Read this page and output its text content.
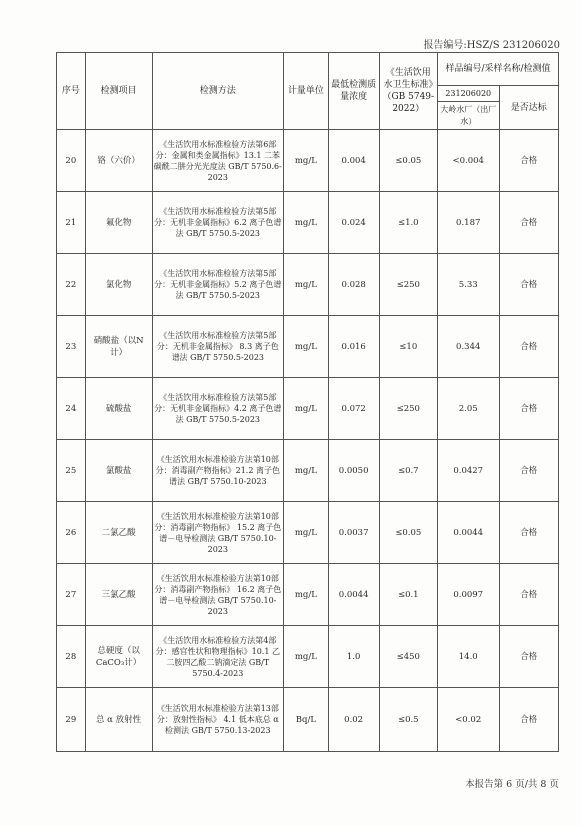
报告编号:HSZ/S 231206020
序号	检测项目	检测方法	计量单位	最低检测质量浓度	《生活饮用水卫生标准》（GB 5749-2022）	样品编号/采样名称/检测值	
						231206020	是否达标
						大岭水厂（出厂水）	
20	铬（六价）	《生活饮用水标准检验方法第6部分：金属和类金属指标》13.1 二苯碳酰二肼分光光度法 GB/T 5750.6-2023	mg/L	0.004	≤0.05	<0.004	合格
21	氟化物	《生活饮用水标准检验方法第5部分：无机非金属指标》6.2 离子色谱法 GB/T 5750.5-2023	mg/L	0.024	≤1.0	0.187	合格
22	氯化物	《生活饮用水标准检验方法第5部分：无机非金属指标》5.2 离子色谱法 GB/T 5750.5-2023	mg/L	0.028	≤250	5.33	合格
23	硝酸盐（以N计）	《生活饮用水标准检验方法第5部分：无机非金属指标》 8.3 离子色谱法 GB/T 5750.5-2023	mg/L	0.016	≤10	0.344	合格
24	硫酸盐	《生活饮用水标准检验方法第5部分：无机非金属指标》4.2 离子色谱法 GB/T 5750.5-2023	mg/L	0.072	≤250	2.05	合格
25	氯酸盐	《生活饮用水标准检验方法第10部分：消毒副产物指标》21.2 离子色谱法 GB/T 5750.10-2023	mg/L	0.0050	≤0.7	0.0427	合格
26	二氯乙酸	《生活饮用水标准检验方法第10部分：消毒副产物指标》 15.2 离子色谱－电导检测法 GB/T 5750.10-2023	mg/L	0.0037	≤0.05	0.0044	合格
27	三氯乙酸	《生活饮用水标准检验方法第10部分：消毒副产物指标》 16.2 离子色谱－电导检测法 GB/T 5750.10-2023	mg/L	0.0044	≤0.1	0.0097	合格
28	总硬度（以CaCO₃计）	《生活饮用水标准检验方法第4部分：感官性状和物理指标》10.1 乙二胺四乙酸二钠滴定法 GB/T 5750.4-2023	mg/L	1.0	≤450	14.0	合格
29	总 α 放射性	《生活饮用水标准检验方法第13部分：放射性指标》 4.1 低本底总 α 检测法 GB/T 5750.13-2023	Bq/L	0.02	≤0.5	<0.02	合格
本报告第 6 页/共 8 页
